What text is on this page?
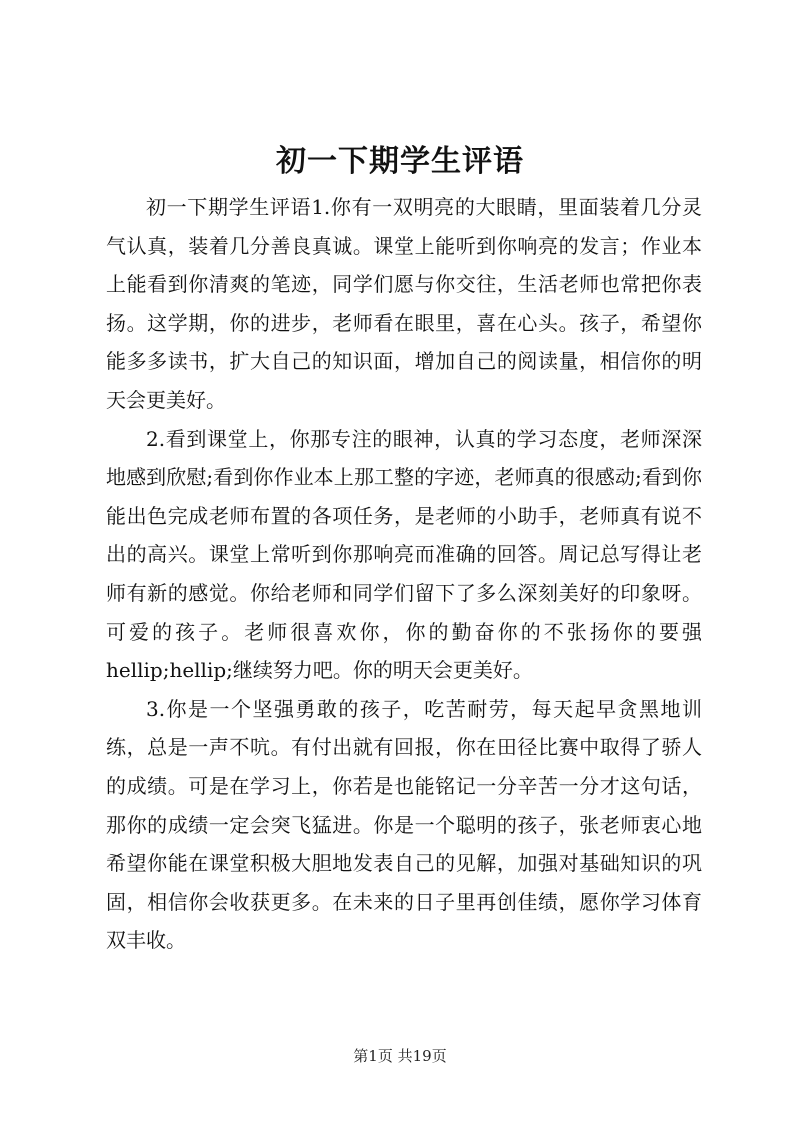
初一下期学生评语

初一下期学生评语1.你有一双明亮的大眼睛，里面装着几分灵气认真，装着几分善良真诚。课堂上能听到你响亮的发言；作业本上能看到你清爽的笔迹，同学们愿与你交往，生活老师也常把你表扬。这学期，你的进步，老师看在眼里，喜在心头。孩子，希望你能多多读书，扩大自己的知识面，增加自己的阅读量，相信你的明天会更美好。

2.看到课堂上，你那专注的眼神，认真的学习态度，老师深深地感到欣慰;看到你作业本上那工整的字迹，老师真的很感动;看到你能出色完成老师布置的各项任务，是老师的小助手，老师真有说不出的高兴。课堂上常听到你那响亮而准确的回答。周记总写得让老师有新的感觉。你给老师和同学们留下了多么深刻美好的印象呀。可爱的孩子。老师很喜欢你，你的勤奋你的不张扬你的要强hellip;hellip;继续努力吧。你的明天会更美好。

3.你是一个坚强勇敢的孩子，吃苦耐劳，每天起早贪黑地训练，总是一声不吭。有付出就有回报，你在田径比赛中取得了骄人的成绩。可是在学习上，你若是也能铭记一分辛苦一分才这句话，那你的成绩一定会突飞猛进。你是一个聪明的孩子，张老师衷心地希望你能在课堂积极大胆地发表自己的见解，加强对基础知识的巩固，相信你会收获更多。在未来的日子里再创佳绩，愿你学习体育双丰收。

第1页 共19页
